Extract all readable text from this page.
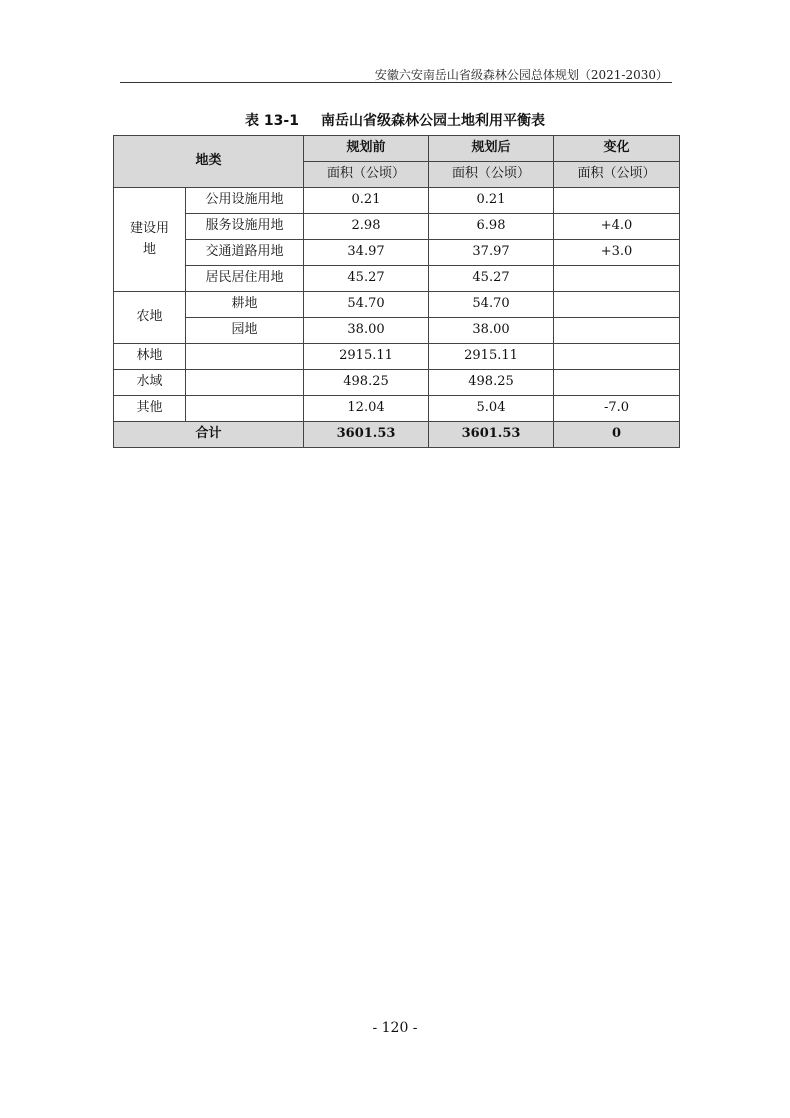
安徽六安南岳山省级森林公园总体规划（2021-2030）
表 13-1 南岳山省级森林公园土地利用平衡表
地类		规划前	规划后	变化
		面积（公顷）	面积（公顷）	面积（公顷）
建设用地	公用设施用地	0.21	0.21	
	服务设施用地	2.98	6.98	+4.0
	交通道路用地	34.97	37.97	+3.0
	居民居住用地	45.27	45.27	
农地	耕地	54.70	54.70	
	园地	38.00	38.00	
林地		2915.11	2915.11	
水域		498.25	498.25	
其他		12.04	5.04	-7.0
合计		3601.53	3601.53	0
- 120 -
